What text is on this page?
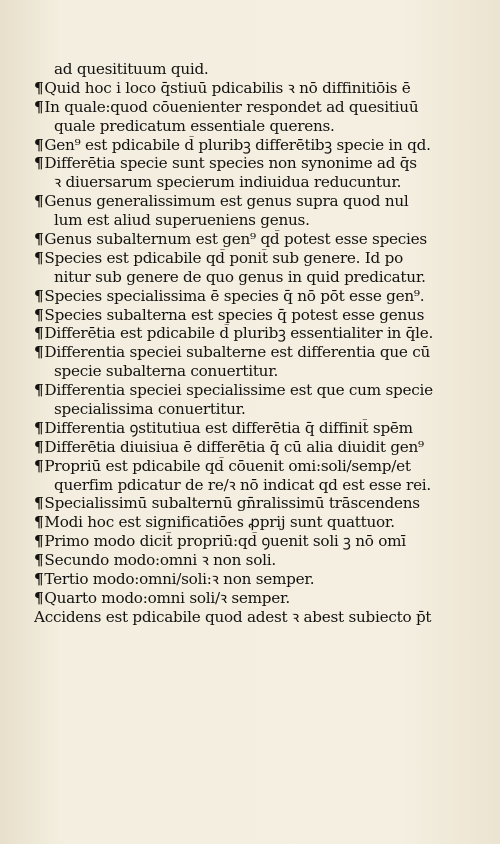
ad quesitituum quid.
¶Quid hoc i loco q̄stiuū pdicabilis ꝛ nō diffinitiōis ē
¶In quale:quod cōuenienter respondet ad quesitiuū
quale predicatum essentiale querens.
¶Gen⁹ est pdicabile d̄ pluribꝫ differētibꝫ specie in qd.
¶Differētia specie sunt species non synonime ad q̄s
ꝛ diuersarum specierum indiuidua reducuntur.
¶Genus generalissimum est genus supra quod nul
lum est aliud superueniens genus.
¶Genus subalternum est gen⁹ qd̄ potest esse species
¶Species est pdicabile qd̄ ponit̄ sub genere. Id po
nitur sub genere de quo genus in quid predicatur.
¶Species specialissima ē species q̄ nō pōt esse gen⁹.
¶Species subalterna est species q̄ potest esse genus
¶Differētia est pdicabile d̄ pluribꝫ essentialiter in q̄le.
¶Differentia speciei subalterne est differentia que cū
specie subalterna conuertitur.
¶Differentia speciei specialissime est que cum specie
specialissima conuertitur.
¶Differentia ꝯstitutiua est differētia q̄ diffinit̄ spēm
¶Differētia diuisiua ē differētia q̄ cū alia diuidit gen⁹
¶Propriū est pdicabile qd̄ cōuenit omi:soli/semp/et
querfim pdicatur de re/ꝛ nō indicat qd est esse rei.
¶Specialissimū subalternū gn̄ralissimū trāscendens
¶Modi hoc est significatiōes ꝓprij sunt quattuor.
¶Primo modo dicit̄ propriū:qd̄ ꝯuenit soli ꝫ nō omī
¶Secundo modo:omni ꝛ non soli.
¶Tertio modo:omni/soli:ꝛ non semper.
¶Quarto modo:omni soli/ꝛ semper.
Accidens est pdicabile quod adest ꝛ abest subiecto p̄t
